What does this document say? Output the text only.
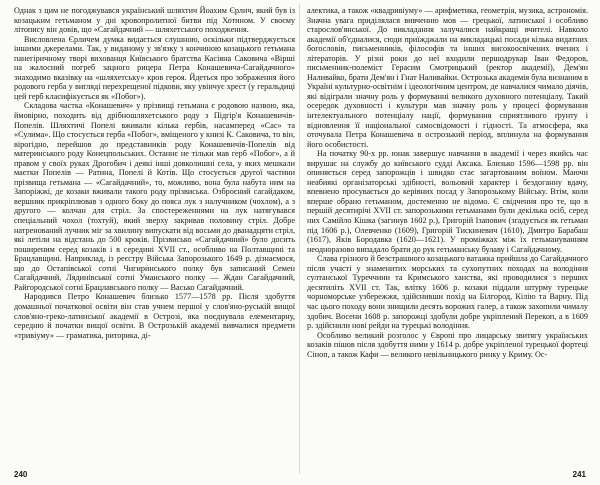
Однак з цим не погоджувався український шляхтич Йоахим Єрлич, який був із козацьким гетьманом у дні кровопролитної битви під Хотином. У своєму літопису він довів, що «Сагайдачний — шляхетського походження.

Висловлена Єрличем думка видається слушною, оскільки підтверджується іншими джерелами. Так, у виданому у зв'язку з кончиною козацького гетьмана панегіричному творі вихованця Київського братства Касіяна Саковича «Вірші на жалосний погреб зацного рицера Петра Конашевича-Сагайдачного» знаходимо вказівку на «шляхетську» кров героя. Йдеться про зображення його родового герба у вигляді перехрещеної підкови, яку увінчує хрест (у геральдиці цей герб класифікується як «Побог»).

Складова частка «Конашевич» у прізвищі гетьмана є родовою назвою, яка, ймовірно, походить від дрібношляхетського роду з Підгір'я Конашевичів-Попелів. Шляхтичі Попелі вживали кілька гербів, насамперед «Сас» та «Сулима». Що стосується герба «Побог», вміщеного у книзі К. Саковича, то він, вірогідно, перейшов до представників роду Конашевичів-Попелів від материнського роду Конецпольських. Останнє не тільки мав герб «Побог», а й правом у своїх руках Дрогобич і деякі інші довколишні села, у яких мешкали маєтки Попелів — Ратина, Попелі й Котів. Що стосується другої частини прізвища гетьмана — «Сагайдачний», то, можливо, вона була набута ним на Запоріжжі, де козаки вживали такого роду прізвиська. Озброєний сагайдаком, вершник прикріплював з одного боку до пояса лук з налучником (чохлом), а з другого — колчан для стріл. За спостереженнями на лук натягувався спеціальний чохол (тохтуй), який зверху закривав половину стріл. Добре натренований лучник міг за хвилину випускати від восьми до дванадцяти стріл, які летіли на відстань до 500 кроків. Прізвисько «Сагайдачний» було досить поширеним серед козаків і в середині XVII ст., особливо на Полтавщині та Брацлавщині. Наприклад, із реєстру Війська Запорозького 1649 р. дізнаємося, що до Остапівської сотні Чигиринського полку був записаний Семен Сагайдачний, Лядинівської сотні Уманського полку — Ждан Сагайдачний, Райгородської сотні Брацлавського полку — Васько Сагайдачний.

Народився Петро Конашевич близько 1577—1578 рр. Після здобуття домашньої початкової освіти він став учнем першої у слов'яно-руській вищої слов'яно-греко-латинської академії в Острозі, яка поєднувала елементарну, середню й початки вищої освіти. В Острозькій академії вивчалися предмети «тривіуму» — граматика, риторика, ді-

240

алектика, а також «квадривіуму» — арифметика, геометрія, музика, астрономія. Значна увага приділялася вивченню мов — грецької, латинської і особливо старослов'янської. До викладання залучалися найкращі вчителі. Навколо академії об'єдналися, сюди приїжджали на викладацькі посади кілька видатних богословів, письменників, філософів та інших високоосвічених вчених і літераторів. У різні роки до неї входили першодрукар Іван Федоров, письменник-полеміст Герасим Смотрицький (ректор академії), Дем'ян Наливайко, брати Дем'ян і Гнат Наливайки. Острозька академія була визнаним в Україні культурно-освітнім і ідеологічним центром, де навчалися чимало діячів, які відіграли значну роль у формуванні великого духовного потенціалу. Такий осередок духовності і культури мав значну роль у процесі формування інтелектуального потенціалу нації, формування сприятливого ґрунту і відновлення її національної самосвідомості і гідності. Та атмосфера, яка оточувала Петра Конашевича в острозький період, вплинула на формування його особистості.

На початку 90-х рр. юнак завершує навчання в академії і через якийсь час вирушає на службу до київського судді Аксака. Близько 1596—1598 рр. він опиняється серед запорожців і швидко стає загартованим воїном. Маючи неабиякі організаторські здібності, вольовий характер і бездоганну вдачу, впевнено просувається до керівних посад у Запорозькому Війську. Втім, коли вперше обрано гетьманом, достеменно не відомо. Є свідчення про те, що в першій десятирічі XVII ст. запорозькими гетьманами були декілька осіб, серед них Самійло Кішка (загинув 1602 р.), Григорій Ізапович (згадується як гетьман під 1606 р.), Олевченко (1609), Григорій Тискиневич (1610), Дмитро Барабаш (1617), Яків Бородавка (1620—1621). У проміжках між їх гетьмануванням неодноразово випадало брати до рук гетьманську булаву і Сагайдачному.

Слава грізного й безстрашного козацького ватажка прийшла до Сагайдачного після участі у знаменитих морських та сухопутних походах на володіння султанської Туреччини та Кримського ханства, які проводилися з перших десятиліть XVII ст. Так, влітку 1606 р. козаки піддали штурму турецьке чорноморське узбережжя, здійснивши похід на Білгород, Кілію та Варну. Під час цього походу вони знищили десять ворожих галер, а також захопили чималу здобич. Восени 1608 р. запорожці здобули добре укріплений Перекоп, а в 1609 р. здійснили нові рейди на турецькі володіння.

Особливо великий розголос у Європі про лицарську звитягу українських козаків пішов після здобуття ними у 1614 р. добре укріпленої турецької фортеці Сіноп, а також Кафи — великого невільницького ринку у Криму. Ос-

241
